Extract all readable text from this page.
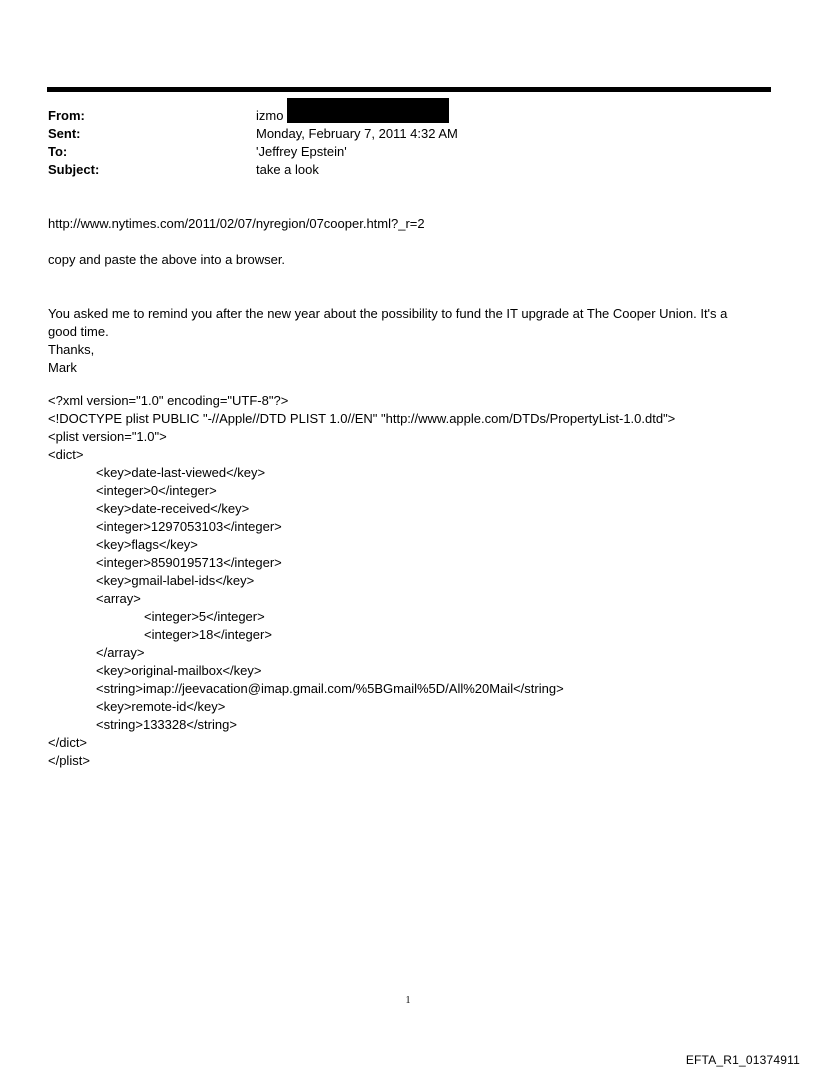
From:	izmo
Sent:	Monday, February 7, 2011 4:32 AM
To:	'Jeffrey Epstein'
Subject:	take a look

http://www.nytimes.com/2011/02/07/nyregion/07cooper.html?_r=2

copy and paste the above into a browser.

You asked me to remind you after the new year about the possibility to fund the IT upgrade at The Cooper Union. It's a

good time.

Thanks,

Mark

<?xml version="1.0" encoding="UTF-8"?>
<!DOCTYPE plist PUBLIC "-//Apple//DTD PLIST 1.0//EN" "http://www.apple.com/DTDs/PropertyList-1.0.dtd">
<plist version="1.0">
<dict>
<key>date-last-viewed</key>
<integer>0</integer>
<key>date-received</key>
<integer>1297053103</integer>
<key>flags</key>
<integer>8590195713</integer>
<key>gmail-label-ids</key>
<array>
<integer>5</integer>
<integer>18</integer>
</array>
<key>original-mailbox</key>
<string>imap://jeevacation@imap.gmail.com/%5BGmail%5D/All%20Mail</string>
<key>remote-id</key>
<string>133328</string>
</dict>
</plist>
1
EFTA_R1_01374911
